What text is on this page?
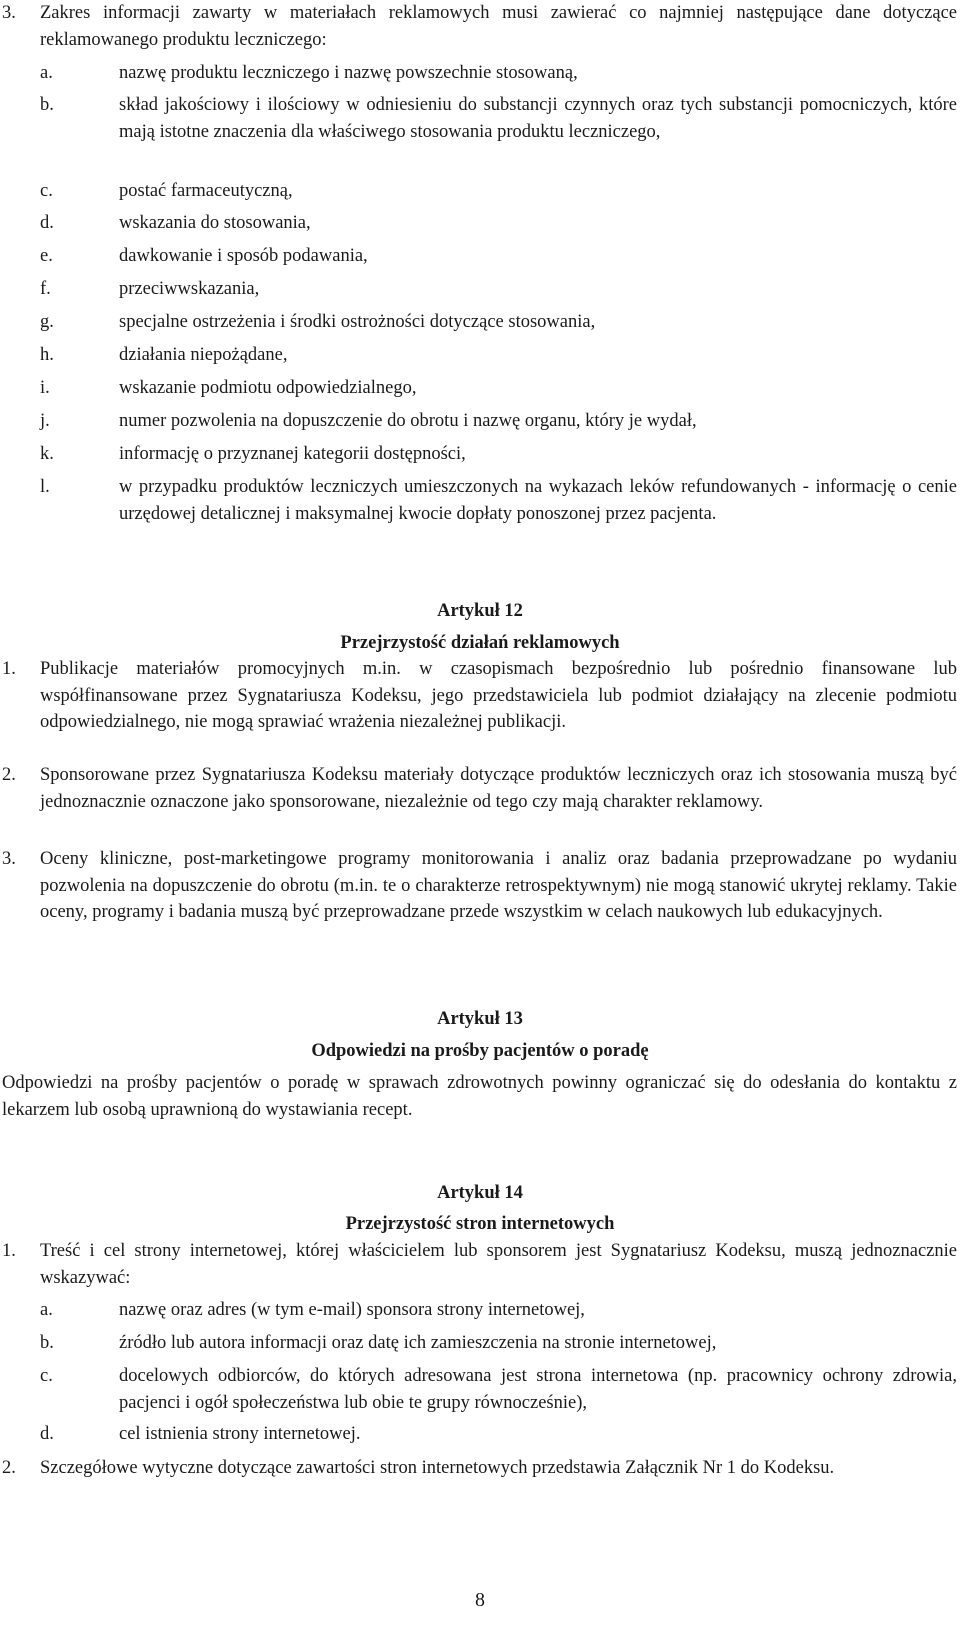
3.	Zakres informacji zawarty w materiałach reklamowych musi zawierać co najmniej następujące dane dotyczące reklamowanego produktu leczniczego:

a.	nazwę produktu leczniczego i nazwę powszechnie stosowaną,

b.	skład jakościowy i ilościowy w odniesieniu do substancji czynnych oraz tych substancji pomocniczych, które mają istotne znaczenia dla właściwego stosowania produktu leczniczego,

c.	postać farmaceutyczną,

d.	wskazania do stosowania,

e.	dawkowanie i sposób podawania,

f.	przeciwwskazania,

g.	specjalne ostrzeżenia i środki ostrożności dotyczące stosowania,

h.	działania niepożądane,

i.	wskazanie podmiotu odpowiedzialnego,

j.	numer pozwolenia na dopuszczenie do obrotu i nazwę organu, który je wydał,

k.	informację o przyznanej kategorii dostępności,

l.	w przypadku produktów leczniczych umieszczonych na wykazach leków refundowanych - informację o cenie urzędowej detalicznej i maksymalnej kwocie dopłaty ponoszonej przez pacjenta.

Artykuł 12
Przejrzystość działań reklamowych
1.	Publikacje materiałów promocyjnych m.in. w czasopismach bezpośrednio lub pośrednio finansowane lub współfinansowane przez Sygnatariusza Kodeksu, jego przedstawiciela lub podmiot działający na zlecenie podmiotu odpowiedzialnego, nie mogą sprawiać wrażenia niezależnej publikacji.

2.	Sponsorowane przez Sygnatariusza Kodeksu materiały dotyczące produktów leczniczych oraz ich stosowania muszą być jednoznacznie oznaczone jako sponsorowane, niezależnie od tego czy mają charakter reklamowy.

3.	Oceny kliniczne, post-marketingowe programy monitorowania i analiz oraz badania przeprowadzane po wydaniu pozwolenia na dopuszczenie do obrotu (m.in. te o charakterze retrospektywnym) nie mogą stanowić ukrytej reklamy. Takie oceny, programy i badania muszą być przeprowadzane przede wszystkim w celach naukowych lub edukacyjnych.

Artykuł 13
Odpowiedzi na prośby pacjentów o poradę

Odpowiedzi na prośby pacjentów o poradę w sprawach zdrowotnych powinny ograniczać się do odesłania do kontaktu z lekarzem lub osobą uprawnioną do wystawiania recept.

Artykuł 14
Przejrzystość stron internetowych
1.	Treść i cel strony internetowej, której właścicielem lub sponsorem jest Sygnatariusz Kodeksu, muszą jednoznacznie wskazywać:

a.	nazwę oraz adres (w tym e-mail) sponsora strony internetowej,

b.	źródło lub autora informacji oraz datę ich zamieszczenia na stronie internetowej,

c.	docelowych odbiorców, do których adresowana jest strona internetowa (np. pracownicy ochrony zdrowia, pacjenci i ogół społeczeństwa lub obie te grupy równocześnie),

d.	cel istnienia strony internetowej.

2.	Szczegółowe wytyczne dotyczące zawartości stron internetowych przedstawia Załącznik Nr 1 do Kodeksu.

8
